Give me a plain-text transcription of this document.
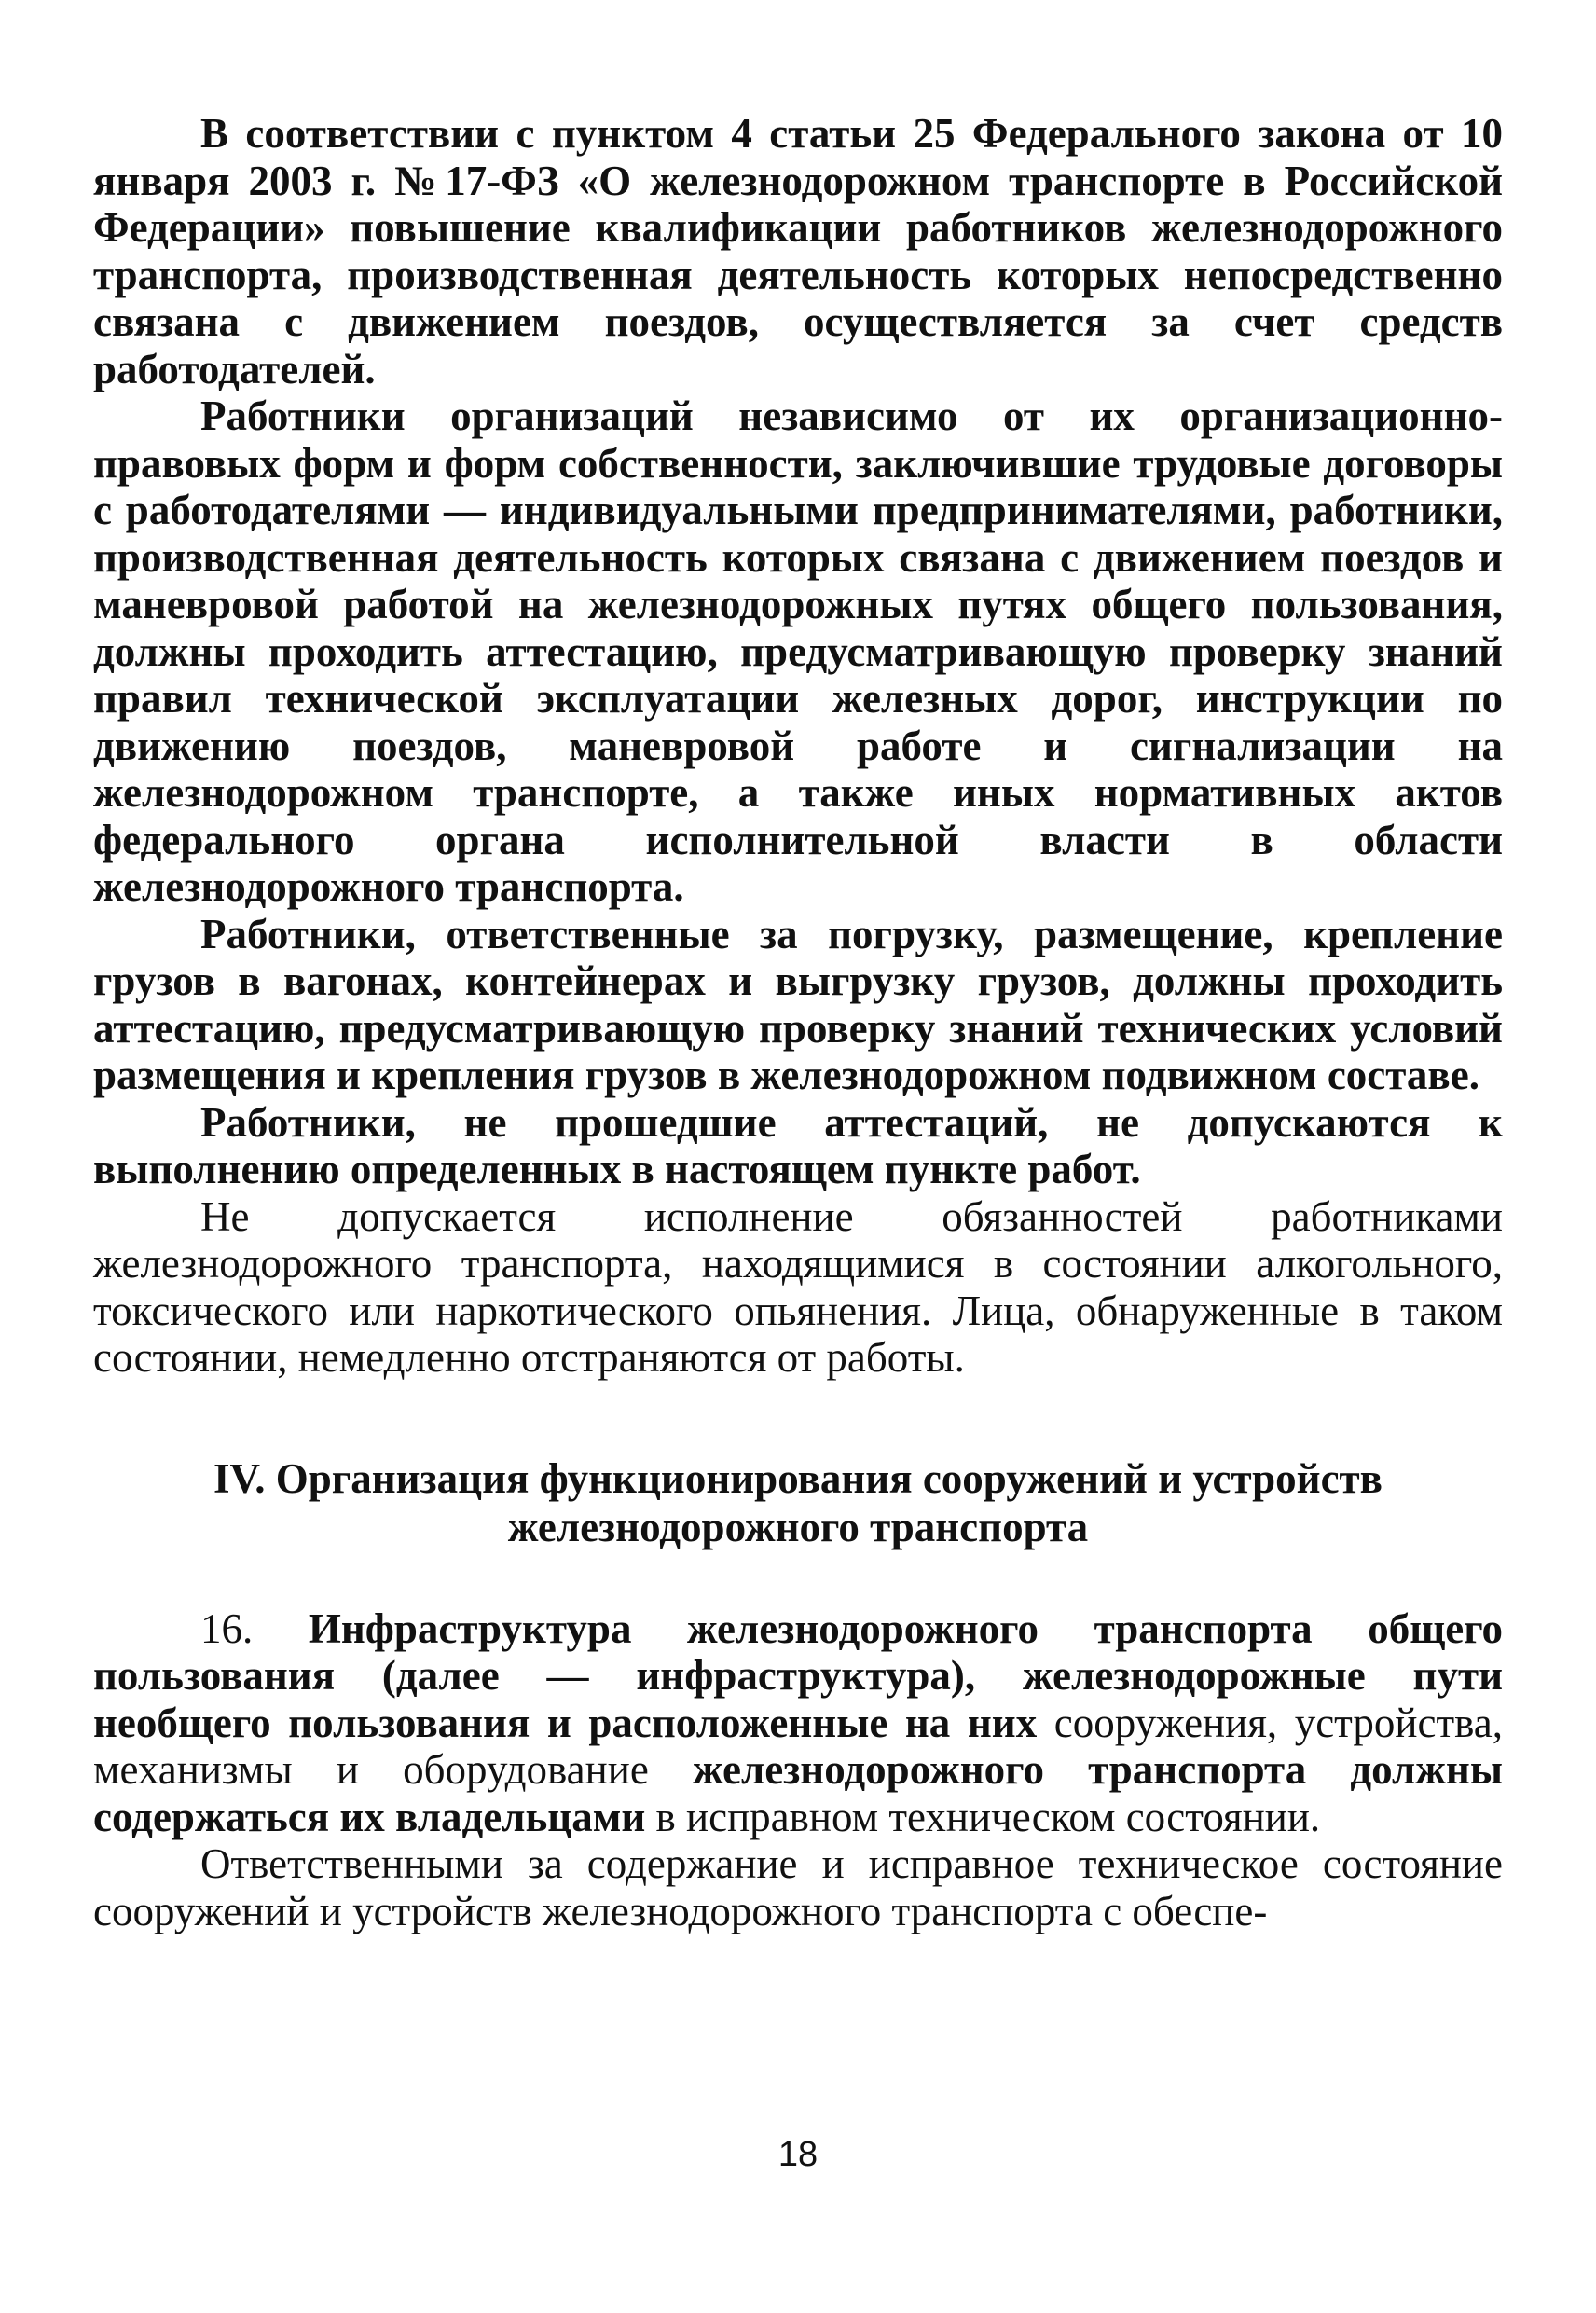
В соответствии с пунктом 4 статьи 25 Федерального закона от 10 января 2003 г. №17-ФЗ «О железнодорожном транспорте в Российской Федерации» повышение квалификации работников железнодорожного транспорта, производственная деятельность которых непосредственно связана с движением поездов, осуществляется за счет средств работодателей.

Работники организаций независимо от их организационно-правовых форм и форм собственности, заключившие трудовые договоры с работодателями — индивидуальными предпринимателями, работники, производственная деятельность которых связана с движением поездов и маневровой работой на железнодорожных путях общего пользования, должны проходить аттестацию, предусматривающую проверку знаний правил технической эксплуатации железных дорог, инструкции по движению поездов, маневровой работе и сигнализации на железнодорожном транспорте, а также иных нормативных актов федерального органа исполнительной власти в области железнодорожного транспорта.

Работники, ответственные за погрузку, размещение, крепление грузов в вагонах, контейнерах и выгрузку грузов, должны проходить аттестацию, предусматривающую проверку знаний технических условий размещения и крепления грузов в железнодорожном подвижном составе.

Работники, не прошедшие аттестаций, не допускаются к выполнению определенных в настоящем пункте работ.

Не допускается исполнение обязанностей работниками железнодорожного транспорта, находящимися в состоянии алкогольного, токсического или наркотического опьянения. Лица, обнаруженные в таком состоянии, немедленно отстраняются от работы.

IV. Организация функционирования сооружений и устройств
железнодорожного транспорта

16. Инфраструктура железнодорожного транспорта общего пользования (далее — инфраструктура), железнодорожные пути необщего пользования и расположенные на них сооружения, устройства, механизмы и оборудование железнодорожного транспорта должны содержаться их владельцами в исправном техническом состоянии.

Ответственными за содержание и исправное техническое состояние сооружений и устройств железнодорожного транспорта с обеспе-

18
